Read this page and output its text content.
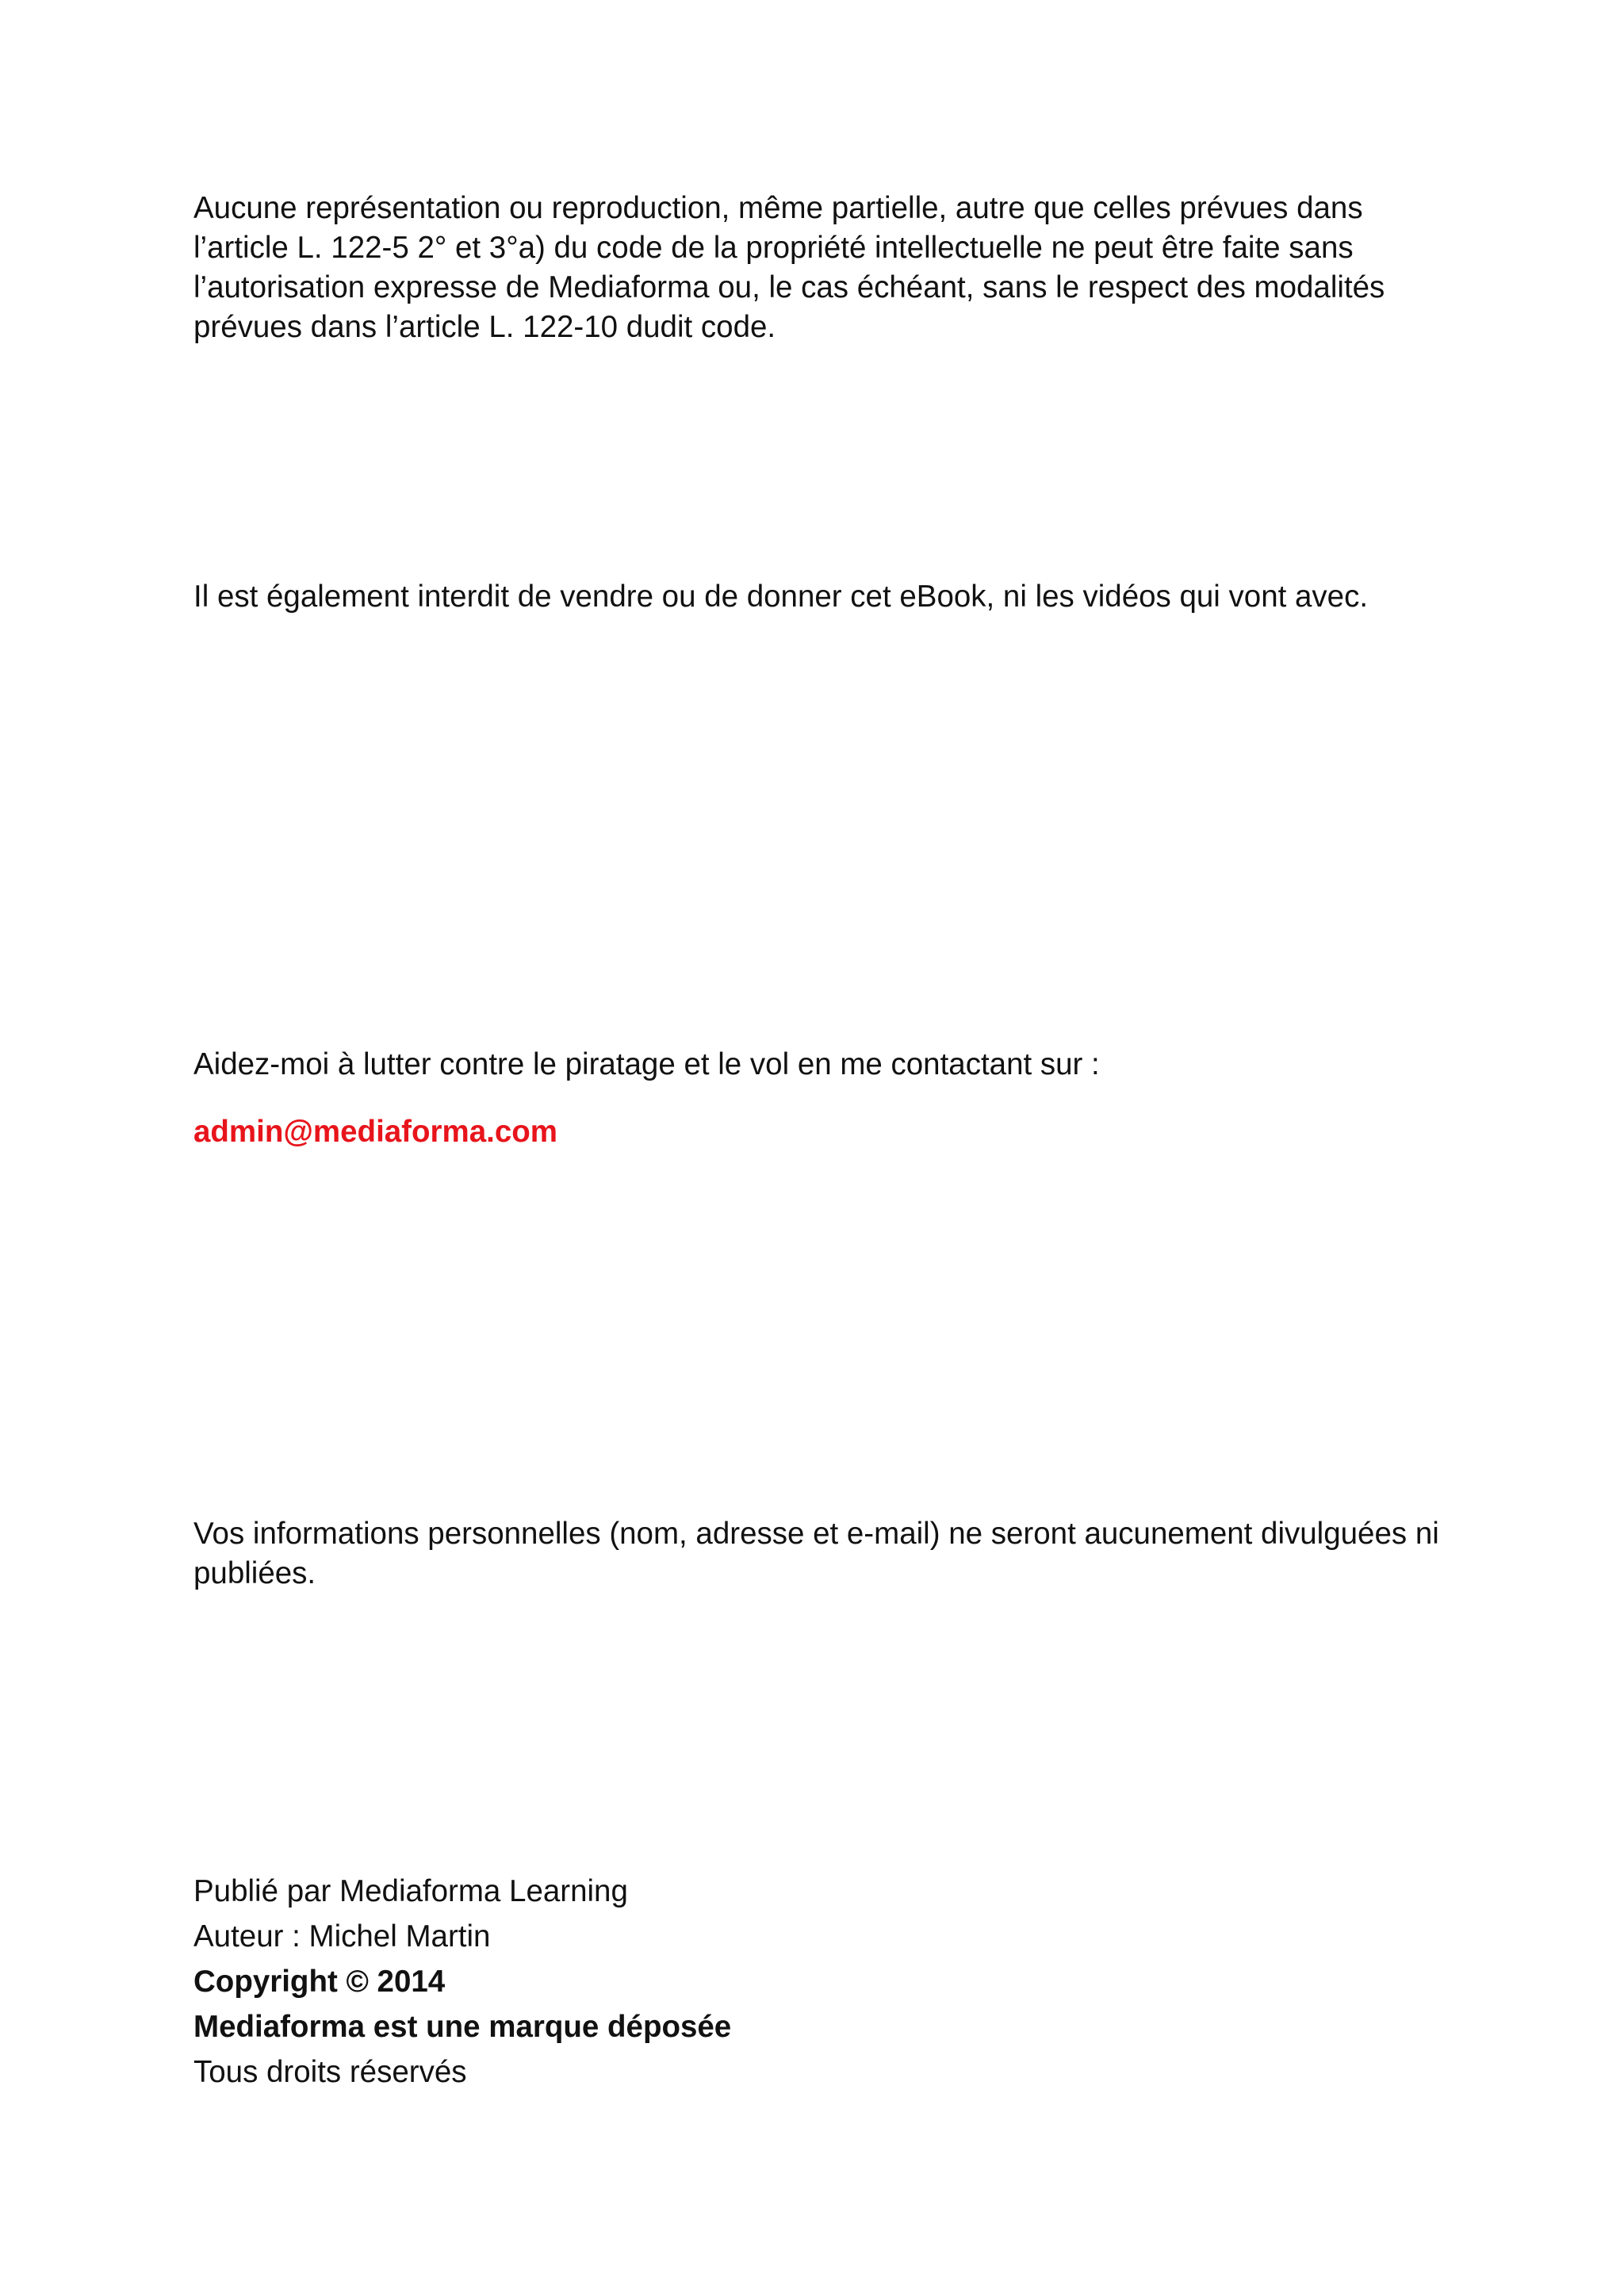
Aucune représentation ou reproduction, même partielle, autre que celles prévues dans
l’article L. 122-5 2° et 3°a) du code de la propriété intellectuelle ne peut être faite sans
l’autorisation expresse de Mediaforma ou, le cas échéant, sans le respect des modalités
prévues dans l’article L. 122-10 dudit code.

Il est également interdit de vendre ou de donner cet eBook, ni les vidéos qui vont avec.

Aidez-moi à lutter contre le piratage et le vol en me contactant sur :

admin@mediaforma.com

Vos informations personnelles (nom, adresse et e-mail) ne seront aucunement divulguées ni
publiées.

Publié par Mediaforma Learning
Auteur : Michel Martin
Copyright © 2014
Mediaforma est une marque déposée
Tous droits réservés
